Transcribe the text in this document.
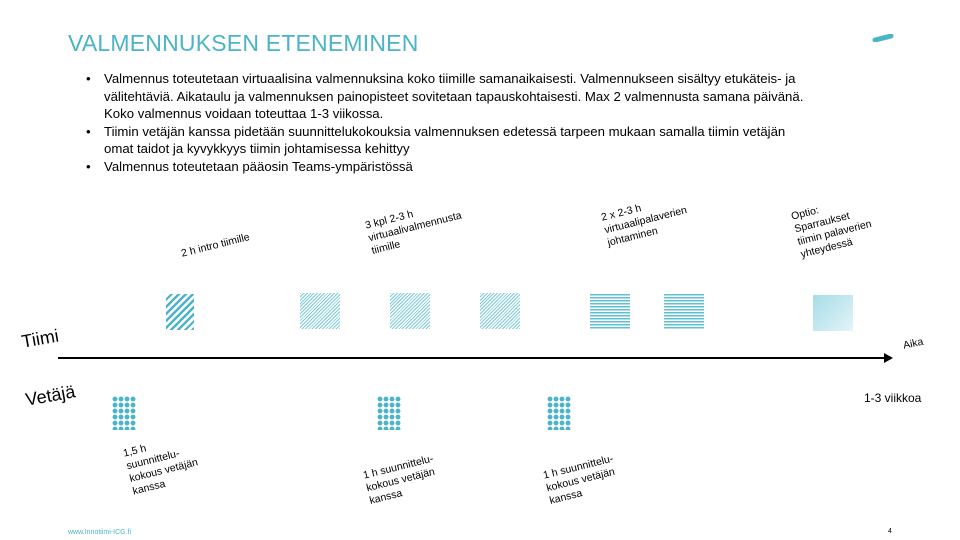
VALMENNUKSEN ETENEMINEN
• Valmennus toteutetaan virtuaalisina valmennuksina koko tiimille samanaikaisesti. Valmennukseen sisältyy etukäteis- ja välitehtäviä. Aikataulu ja valmennuksen painopisteet sovitetaan tapauskohtaisesti. Max 2 valmennusta samana päivänä. Koko valmennus voidaan toteuttaa 1-3 viikossa.
• Tiimin vetäjän kanssa pidetään suunnittelukokouksia valmennuksen edetessä tarpeen mukaan samalla tiimin vetäjän omat taidot ja kyvykkyys tiimin johtamisessa kehittyy
• Valmennus toteutetaan pääosin Teams-ympäristössä
2 h intro tiimille
3 kpl 2-3 h
virtuaalivalmennusta
tiimille
2 x 2-3 h
virtuaalipalaverien
johtaminen
Optio:
Sparraukset
tiimin palaverien
yhteydessä
Tiimi
Vetäjä
Aika
1-3 viikkoa
1,5 h
suunnittelu-
kokous vetäjän
kanssa
1 h suunnittelu-
kokous vetäjän
kanssa
1 h suunnittelu-
kokous vetäjän
kanssa
www.Innotiimi-ICG.fi	4
